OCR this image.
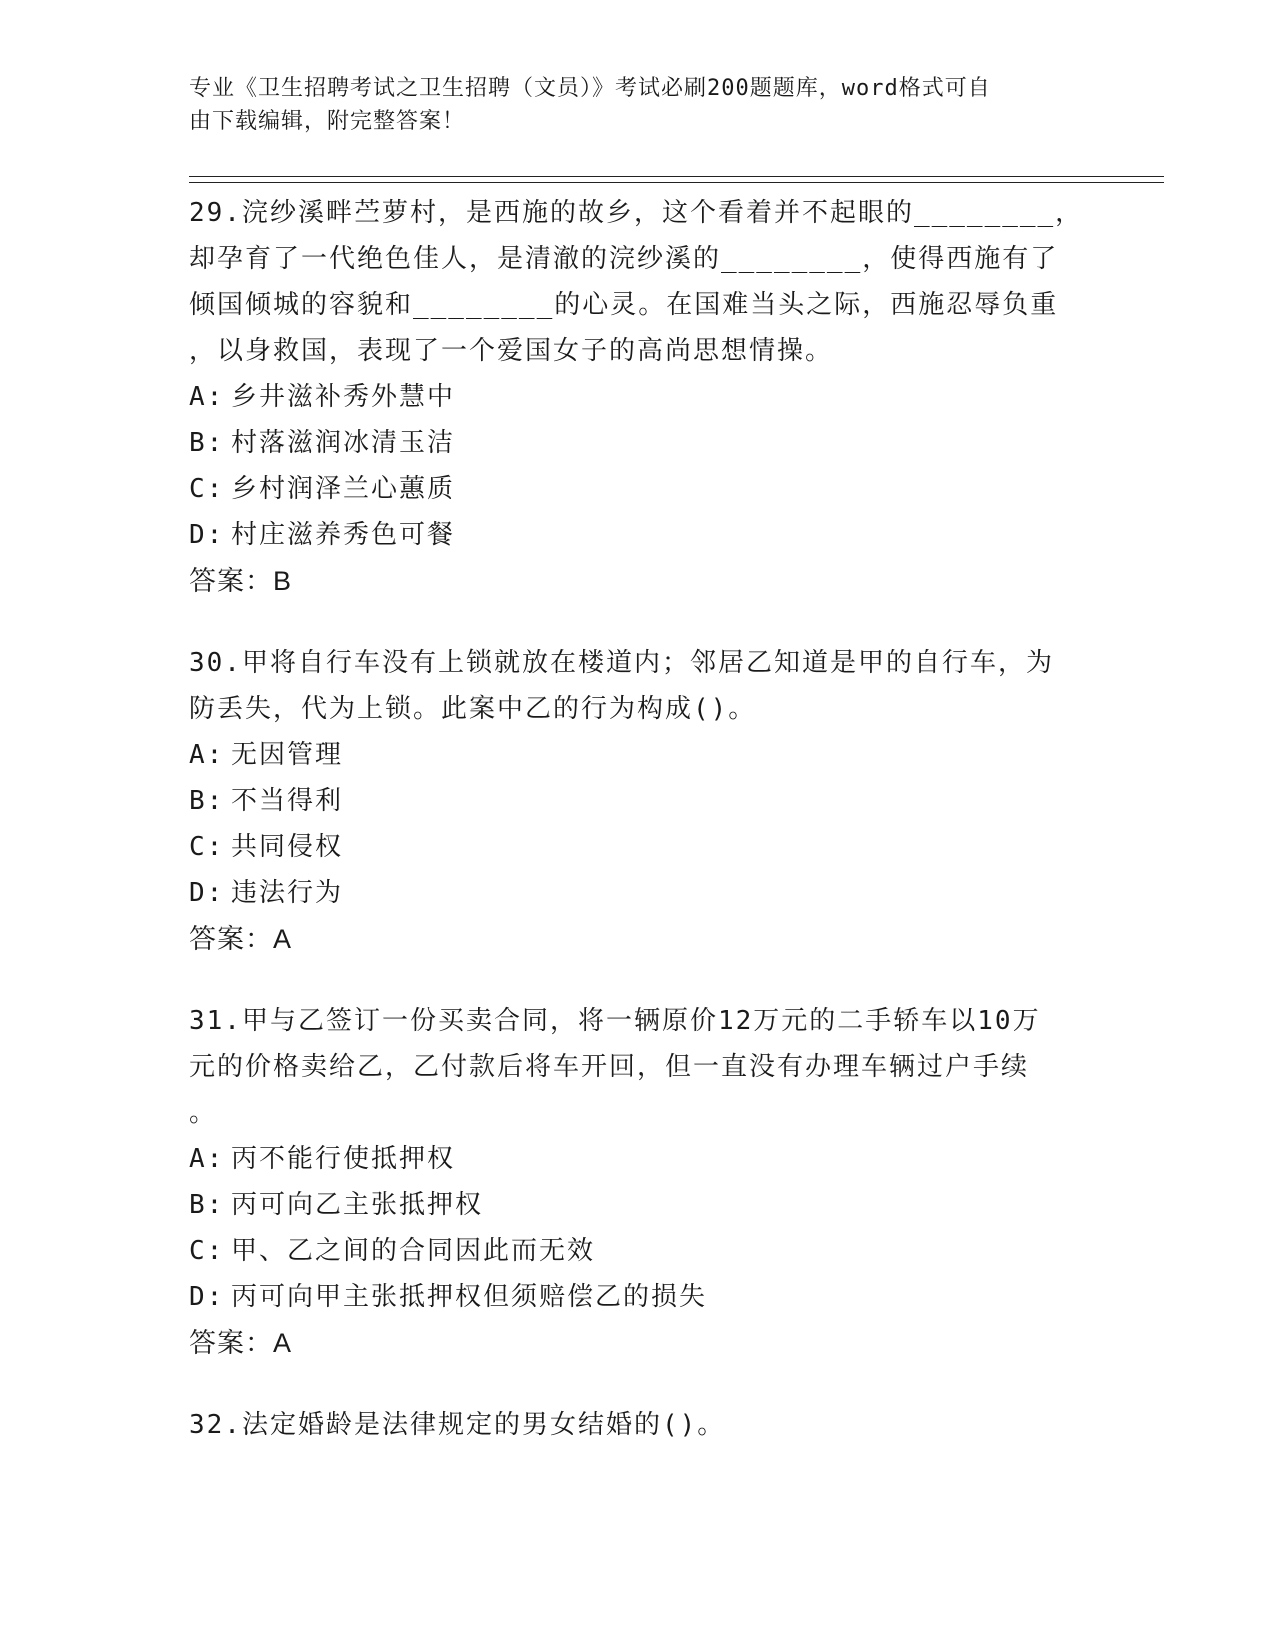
专业《卫生招聘考试之卫生招聘（文员）》考试必刷200题题库，word格式可自
由下载编辑，附完整答案！
29.浣纱溪畔苎萝村，是西施的故乡，这个看着并不起眼的________，
却孕育了一代绝色佳人，是清澈的浣纱溪的________，使得西施有了
倾国倾城的容貌和________的心灵。在国难当头之际，西施忍辱负重
，以身救国，表现了一个爱国女子的高尚思想情操。
A: 乡井滋补秀外慧中
B: 村落滋润冰清玉洁
C: 乡村润泽兰心蕙质
D: 村庄滋养秀色可餐
答案：B
30.甲将自行车没有上锁就放在楼道内；邻居乙知道是甲的自行车，为
防丢失，代为上锁。此案中乙的行为构成()。
A: 无因管理
B: 不当得利
C: 共同侵权
D: 违法行为
答案：A
31.甲与乙签订一份买卖合同，将一辆原价12万元的二手轿车以10万
元的价格卖给乙，乙付款后将车开回，但一直没有办理车辆过户手续
。
A: 丙不能行使抵押权
B: 丙可向乙主张抵押权
C: 甲、乙之间的合同因此而无效
D: 丙可向甲主张抵押权但须赔偿乙的损失
答案：A
32.法定婚龄是法律规定的男女结婚的()。
